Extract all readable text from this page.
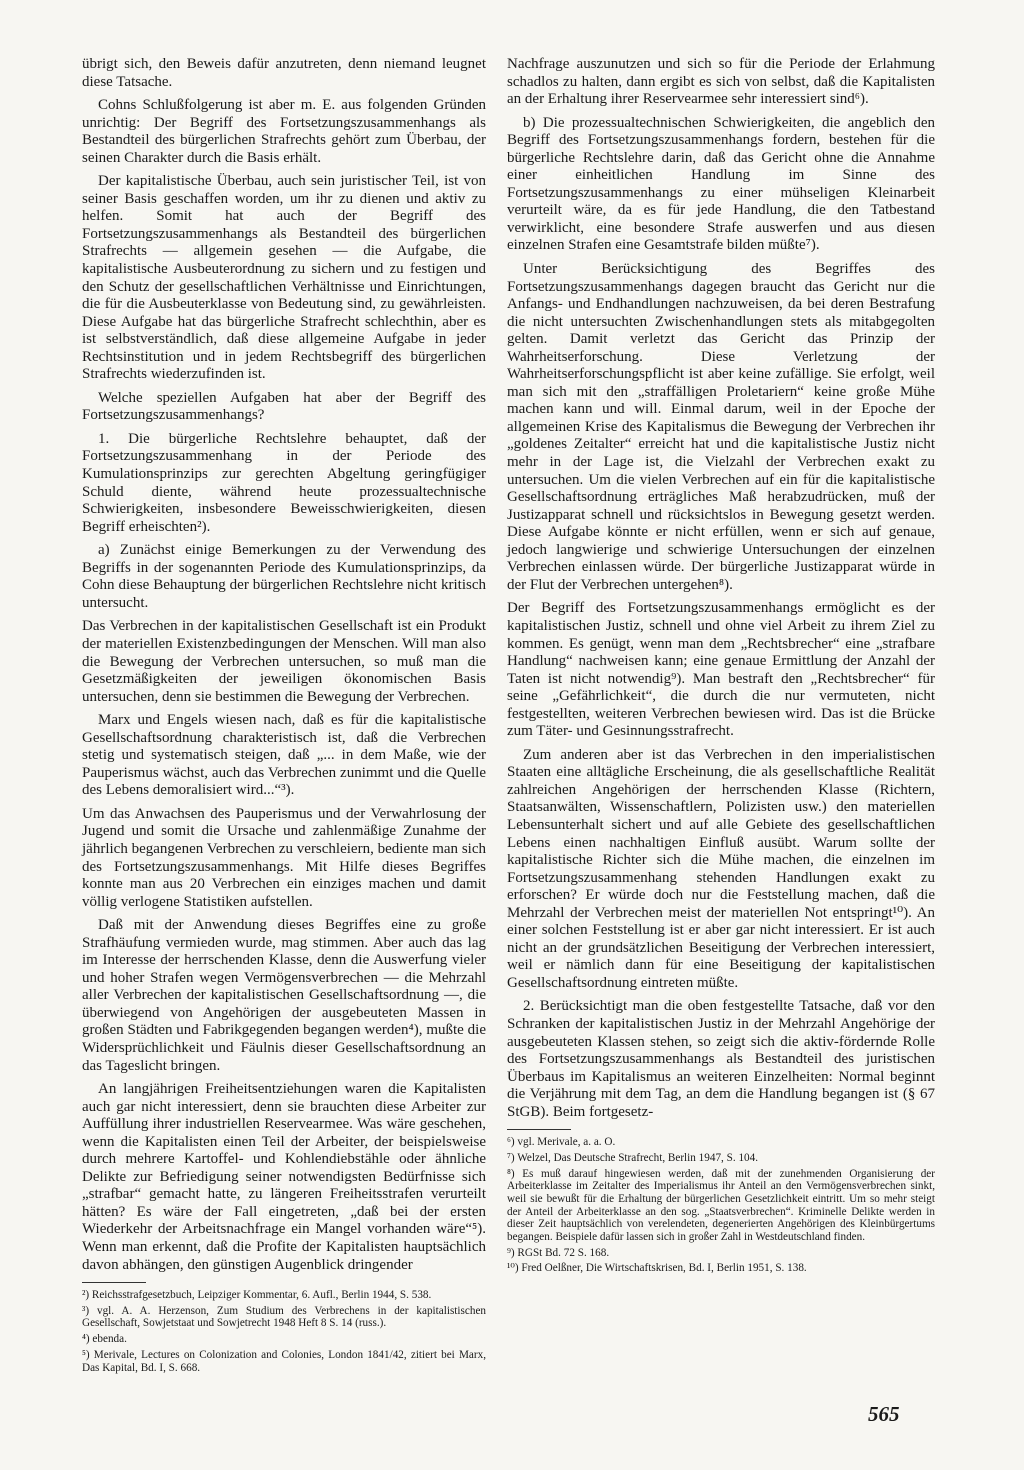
übrigt sich, den Beweis dafür anzutreten, denn niemand leugnet diese Tatsache.

Cohns Schlußfolgerung ist aber m. E. aus folgenden Gründen unrichtig: Der Begriff des Fortsetzungszusammenhangs als Bestandteil des bürgerlichen Strafrechts gehört zum Überbau, der seinen Charakter durch die Basis erhält.

Der kapitalistische Überbau, auch sein juristischer Teil, ist von seiner Basis geschaffen worden, um ihr zu dienen und aktiv zu helfen. Somit hat auch der Begriff des Fortsetzungszusammenhangs als Bestandteil des bürgerlichen Strafrechts — allgemein gesehen — die Aufgabe, die kapitalistische Ausbeuterordnung zu sichern und zu festigen und den Schutz der gesellschaftlichen Verhältnisse und Einrichtungen, die für die Ausbeuterklasse von Bedeutung sind, zu gewährleisten. Diese Aufgabe hat das bürgerliche Strafrecht schlechthin, aber es ist selbstverständlich, daß diese allgemeine Aufgabe in jeder Rechtsinstitution und in jedem Rechtsbegriff des bürgerlichen Strafrechts wiederzufinden ist.

Welche speziellen Aufgaben hat aber der Begriff des Fortsetzungszusammenhangs?

1. Die bürgerliche Rechtslehre behauptet, daß der Fortsetzungszusammenhang in der Periode des Kumulationsprinzips zur gerechten Abgeltung geringfügiger Schuld diente, während heute prozessualtechnische Schwierigkeiten, insbesondere Beweisschwierigkeiten, diesen Begriff erheischten²).

a) Zunächst einige Bemerkungen zu der Verwendung des Begriffs in der sogenannten Periode des Kumulationsprinzips, da Cohn diese Behauptung der bürgerlichen Rechtslehre nicht kritisch untersucht.

Das Verbrechen in der kapitalistischen Gesellschaft ist ein Produkt der materiellen Existenzbedingungen der Menschen. Will man also die Bewegung der Verbrechen untersuchen, so muß man die Gesetzmäßigkeiten der jeweiligen ökonomischen Basis untersuchen, denn sie bestimmen die Bewegung der Verbrechen.

Marx und Engels wiesen nach, daß es für die kapitalistische Gesellschaftsordnung charakteristisch ist, daß die Verbrechen stetig und systematisch steigen, daß „... in dem Maße, wie der Pauperismus wächst, auch das Verbrechen zunimmt und die Quelle des Lebens demoralisiert wird...“³).

Um das Anwachsen des Pauperismus und der Verwahrlosung der Jugend und somit die Ursache und zahlenmäßige Zunahme der jährlich begangenen Verbrechen zu verschleiern, bediente man sich des Fortsetzungszusammenhangs. Mit Hilfe dieses Begriffes konnte man aus 20 Verbrechen ein einziges machen und damit völlig verlogene Statistiken aufstellen.

Daß mit der Anwendung dieses Begriffes eine zu große Strafhäufung vermieden wurde, mag stimmen. Aber auch das lag im Interesse der herrschenden Klasse, denn die Auswerfung vieler und hoher Strafen wegen Vermögensverbrechen — die Mehrzahl aller Verbrechen der kapitalistischen Gesellschaftsordnung —, die überwiegend von Angehörigen der ausgebeuteten Massen in großen Städten und Fabrikgegenden begangen werden⁴), mußte die Widersprüchlichkeit und Fäulnis dieser Gesellschaftsordnung an das Tageslicht bringen.

An langjährigen Freiheitsentziehungen waren die Kapitalisten auch gar nicht interessiert, denn sie brauchten diese Arbeiter zur Auffüllung ihrer industriellen Reservearmee. Was wäre geschehen, wenn die Kapitalisten einen Teil der Arbeiter, der beispielsweise durch mehrere Kartoffel- und Kohlendiebstähle oder ähnliche Delikte zur Befriedigung seiner notwendigsten Bedürfnisse sich „strafbar“ gemacht hatte, zu längeren Freiheitsstrafen verurteilt hätten? Es wäre der Fall eingetreten, „daß bei der ersten Wiederkehr der Arbeitsnachfrage ein Mangel vorhanden wäre“⁵). Wenn man erkennt, daß die Profite der Kapitalisten hauptsächlich davon abhängen, den günstigen Augenblick dringender

²) Reichsstrafgesetzbuch, Leipziger Kommentar, 6. Aufl., Berlin 1944, S. 538.

³) vgl. A. A. Herzenson, Zum Studium des Verbrechens in der kapitalistischen Gesellschaft, Sowjetstaat und Sowjetrecht 1948 Heft 8 S. 14 (russ.).

⁴) ebenda.

⁵) Merivale, Lectures on Colonization and Colonies, London 1841/42, zitiert bei Marx, Das Kapital, Bd. I, S. 668.

Nachfrage auszunutzen und sich so für die Periode der Erlahmung schadlos zu halten, dann ergibt es sich von selbst, daß die Kapitalisten an der Erhaltung ihrer Reservearmee sehr interessiert sind⁶).

b) Die prozessualtechnischen Schwierigkeiten, die angeblich den Begriff des Fortsetzungszusammenhangs fordern, bestehen für die bürgerliche Rechtslehre darin, daß das Gericht ohne die Annahme einer einheitlichen Handlung im Sinne des Fortsetzungszusammenhangs zu einer mühseligen Kleinarbeit verurteilt wäre, da es für jede Handlung, die den Tatbestand verwirklicht, eine besondere Strafe auswerfen und aus diesen einzelnen Strafen eine Gesamtstrafe bilden müßte⁷).

Unter Berücksichtigung des Begriffes des Fortsetzungszusammenhangs dagegen braucht das Gericht nur die Anfangs- und Endhandlungen nachzuweisen, da bei deren Bestrafung die nicht untersuchten Zwischenhandlungen stets als mitabgegolten gelten. Damit verletzt das Gericht das Prinzip der Wahrheitserforschung. Diese Verletzung der Wahrheitserforschungspflicht ist aber keine zufällige. Sie erfolgt, weil man sich mit den „straffälligen Proletariern“ keine große Mühe machen kann und will. Einmal darum, weil in der Epoche der allgemeinen Krise des Kapitalismus die Bewegung der Verbrechen ihr „goldenes Zeitalter“ erreicht hat und die kapitalistische Justiz nicht mehr in der Lage ist, die Vielzahl der Verbrechen exakt zu untersuchen. Um die vielen Verbrechen auf ein für die kapitalistische Gesellschaftsordnung erträgliches Maß herabzudrücken, muß der Justizapparat schnell und rücksichtslos in Bewegung gesetzt werden. Diese Aufgabe könnte er nicht erfüllen, wenn er sich auf genaue, jedoch langwierige und schwierige Untersuchungen der einzelnen Verbrechen einlassen würde. Der bürgerliche Justizapparat würde in der Flut der Verbrechen untergehen⁸).

Der Begriff des Fortsetzungszusammenhangs ermöglicht es der kapitalistischen Justiz, schnell und ohne viel Arbeit zu ihrem Ziel zu kommen. Es genügt, wenn man dem „Rechtsbrecher“ eine „strafbare Handlung“ nachweisen kann; eine genaue Ermittlung der Anzahl der Taten ist nicht notwendig⁹). Man bestraft den „Rechtsbrecher“ für seine „Gefährlichkeit“, die durch die nur vermuteten, nicht festgestellten, weiteren Verbrechen bewiesen wird. Das ist die Brücke zum Täter- und Gesinnungsstrafrecht.

Zum anderen aber ist das Verbrechen in den imperialistischen Staaten eine alltägliche Erscheinung, die als gesellschaftliche Realität zahlreichen Angehörigen der herrschenden Klasse (Richtern, Staatsanwälten, Wissenschaftlern, Polizisten usw.) den materiellen Lebensunterhalt sichert und auf alle Gebiete des gesellschaftlichen Lebens einen nachhaltigen Einfluß ausübt. Warum sollte der kapitalistische Richter sich die Mühe machen, die einzelnen im Fortsetzungszusammenhang stehenden Handlungen exakt zu erforschen? Er würde doch nur die Feststellung machen, daß die Mehrzahl der Verbrechen meist der materiellen Not entspringt¹⁰). An einer solchen Feststellung ist er aber gar nicht interessiert. Er ist auch nicht an der grundsätzlichen Beseitigung der Verbrechen interessiert, weil er nämlich dann für eine Beseitigung der kapitalistischen Gesellschaftsordnung eintreten müßte.

2. Berücksichtigt man die oben festgestellte Tatsache, daß vor den Schranken der kapitalistischen Justiz in der Mehrzahl Angehörige der ausgebeuteten Klassen stehen, so zeigt sich die aktiv-fördernde Rolle des Fortsetzungszusammenhangs als Bestandteil des juristischen Überbaus im Kapitalismus an weiteren Einzelheiten: Normal beginnt die Verjährung mit dem Tag, an dem die Handlung begangen ist (§ 67 StGB). Beim fortgesetz-

⁶) vgl. Merivale, a. a. O.

⁷) Welzel, Das Deutsche Strafrecht, Berlin 1947, S. 104.

⁸) Es muß darauf hingewiesen werden, daß mit der zunehmenden Organisierung der Arbeiterklasse im Zeitalter des Imperialismus ihr Anteil an den Vermögensverbrechen sinkt, weil sie bewußt für die Erhaltung der bürgerlichen Gesetzlichkeit eintritt. Um so mehr steigt der Anteil der Arbeiterklasse an den sog. „Staatsverbrechen“. Kriminelle Delikte werden in dieser Zeit hauptsächlich von verelendeten, degenerierten Angehörigen des Kleinbürgertums begangen. Beispiele dafür lassen sich in großer Zahl in Westdeutschland finden.

⁹) RGSt Bd. 72 S. 168.

¹⁰) Fred Oelßner, Die Wirtschaftskrisen, Bd. I, Berlin 1951, S. 138.

565
